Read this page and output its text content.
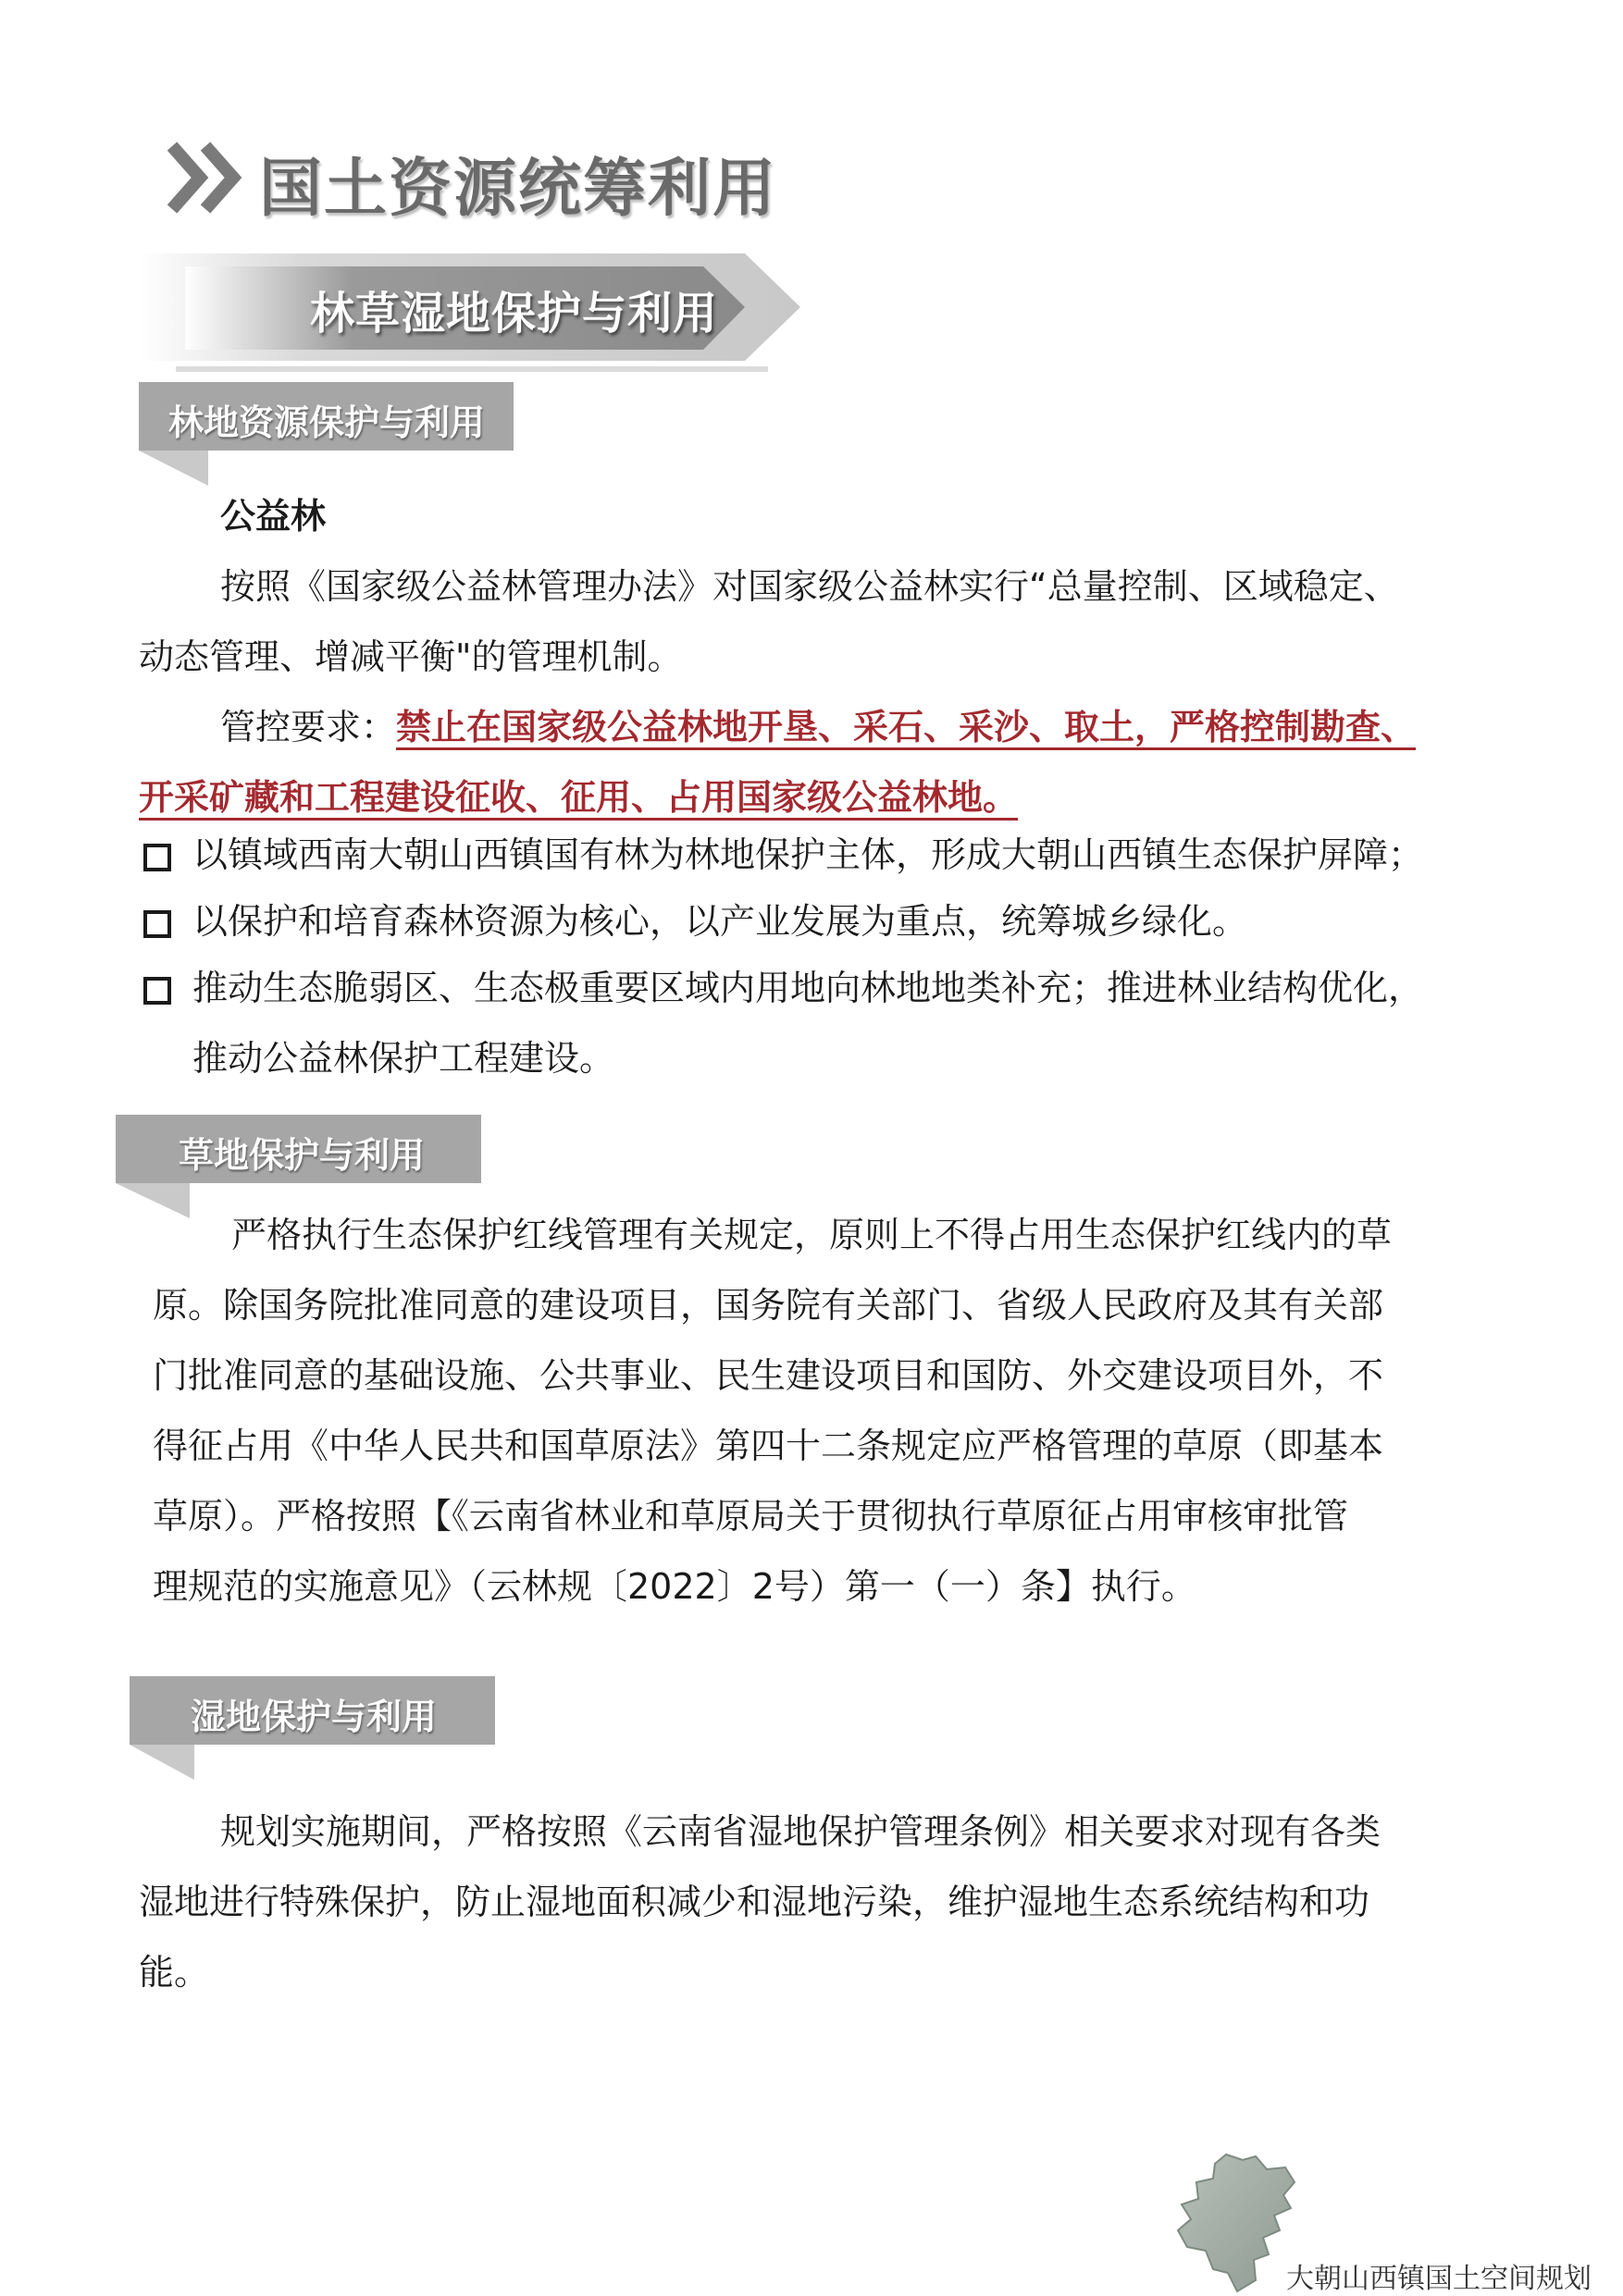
国土资源统筹利用
林草湿地保护与利用
林地资源保护与利用
公益林
按照《国家级公益林管理办法》对国家级公益林实行“总量控制、区域稳定、
动态管理、增减平衡"的管理机制。
管控要求：禁止在国家级公益林地开垦、采石、采沙、取土，严格控制勘查、
开采矿藏和工程建设征收、征用、占用国家级公益林地。
以镇域西南大朝山西镇国有林为林地保护主体，形成大朝山西镇生态保护屏障；
以保护和培育森林资源为核心，以产业发展为重点，统筹城乡绿化。
推动生态脆弱区、生态极重要区域内用地向林地地类补充；推进林业结构优化，
推动公益林保护工程建设。
草地保护与利用
严格执行生态保护红线管理有关规定，原则上不得占用生态保护红线内的草
原。除国务院批准同意的建设项目，国务院有关部门、省级人民政府及其有关部
门批准同意的基础设施、公共事业、民生建设项目和国防、外交建设项目外，不
得征占用《中华人民共和国草原法》第四十二条规定应严格管理的草原（即基本
草原）。严格按照【《云南省林业和草原局关于贯彻执行草原征占用审核审批管
理规范的实施意见》（云林规〔2022〕2号）第一（一）条】执行。
湿地保护与利用
规划实施期间，严格按照《云南省湿地保护管理条例》相关要求对现有各类
湿地进行特殊保护，防止湿地面积减少和湿地污染，维护湿地生态系统结构和功
能。
大朝山西镇国土空间规划
